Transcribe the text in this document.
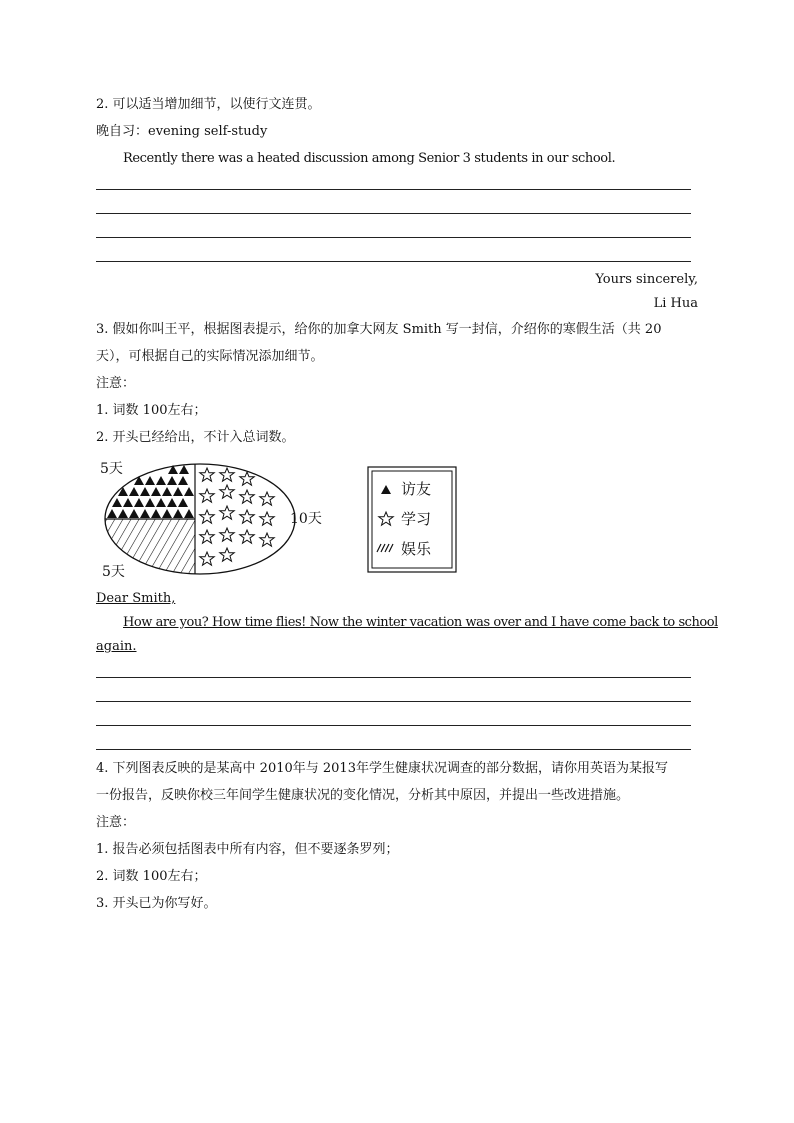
2. 可以适当增加细节，以使行文连贯。
晚自习：evening self-study
Recently there was a heated discussion among Senior 3 students in our school.
Yours sincerely,
Li Hua
3. 假如你叫王平，根据图表提示，给你的加拿大网友 Smith 写一封信，介绍你的寒假生活（共 20
天），可根据自己的实际情况添加细节。
注意：
1. 词数 100左右；
2. 开头已经给出，不计入总词数。
5天
10天
5天
访友
学习
娱乐
Dear Smith,
How are you? How time flies! Now the winter vacation was over and I have come back to school
again.
4. 下列图表反映的是某高中 2010年与 2013年学生健康状况调查的部分数据，请你用英语为某报写
一份报告，反映你校三年间学生健康状况的变化情况，分析其中原因，并提出一些改进措施。
注意：
1. 报告必须包括图表中所有内容，但不要逐条罗列；
2. 词数 100左右；
3. 开头已为你写好。
